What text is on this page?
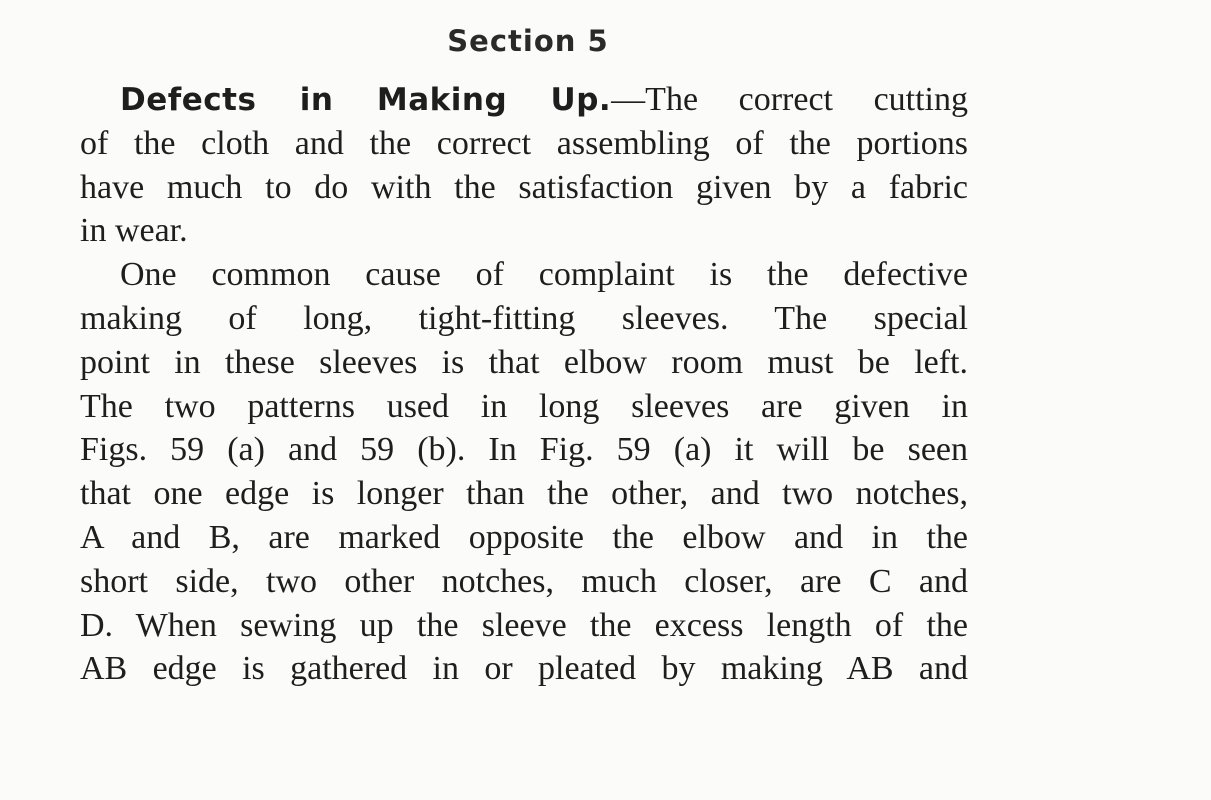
Section 5
Defects in Making Up.—The correct cutting
of the cloth and the correct assembling of the portions
have much to do with the satisfaction given by a fabric
in wear.
One common cause of complaint is the defective
making of long, tight-fitting sleeves. The special
point in these sleeves is that elbow room must be left.
The two patterns used in long sleeves are given in
Figs. 59 (a) and 59 (b). In Fig. 59 (a) it will be seen
that one edge is longer than the other, and two notches,
A and B, are marked opposite the elbow and in the
short side, two other notches, much closer, are C and
D. When sewing up the sleeve the excess length of the
AB edge is gathered in or pleated by making AB and
